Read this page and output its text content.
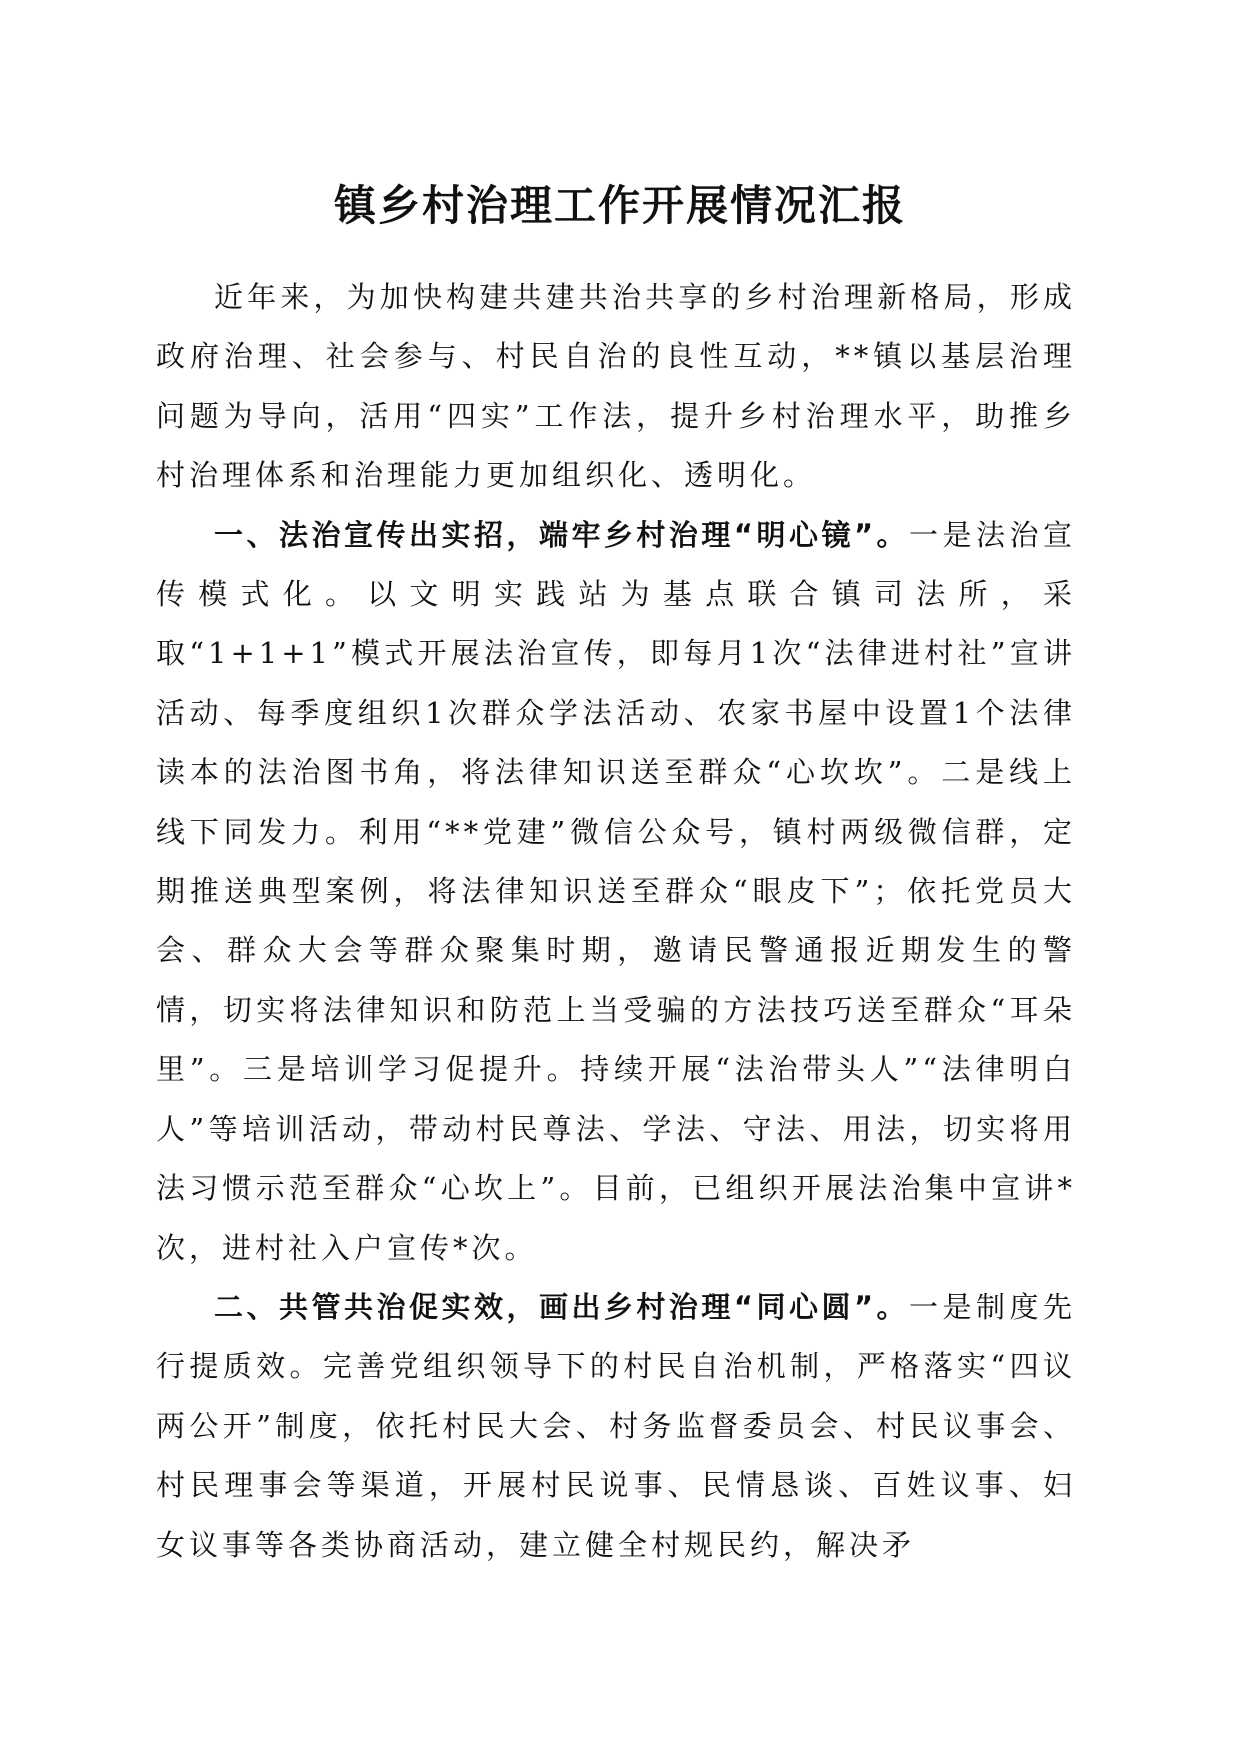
镇乡村治理工作开展情况汇报

近年来，为加快构建共建共治共享的乡村治理新格局，形成政府治理、社会参与、村民自治的良性互动，**镇以基层治理问题为导向，活用“四实”工作法，提升乡村治理水平，助推乡村治理体系和治理能力更加组织化、透明化。

一、法治宣传出实招，端牢乡村治理“明心镜”。一是法治宣传模式化。以文明实践站为基点联合镇司法所，采取“1+1+1”模式开展法治宣传，即每月1次“法律进村社”宣讲活动、每季度组织1次群众学法活动、农家书屋中设置1个法律读本的法治图书角，将法律知识送至群众“心坎坎”。二是线上线下同发力。利用“**党建”微信公众号，镇村两级微信群，定期推送典型案例，将法律知识送至群众“眼皮下”；依托党员大会、群众大会等群众聚集时期，邀请民警通报近期发生的警情，切实将法律知识和防范上当受骗的方法技巧送至群众“耳朵里”。三是培训学习促提升。持续开展“法治带头人”“法律明白人”等培训活动，带动村民尊法、学法、守法、用法，切实将用法习惯示范至群众“心坎上”。目前，已组织开展法治集中宣讲*次，进村社入户宣传*次。

二、共管共治促实效，画出乡村治理“同心圆”。一是制度先行提质效。完善党组织领导下的村民自治机制，严格落实“四议两公开”制度，依托村民大会、村务监督委员会、村民议事会、村民理事会等渠道，开展村民说事、民情恳谈、百姓议事、妇女议事等各类协商活动，建立健全村规民约，解决矛
